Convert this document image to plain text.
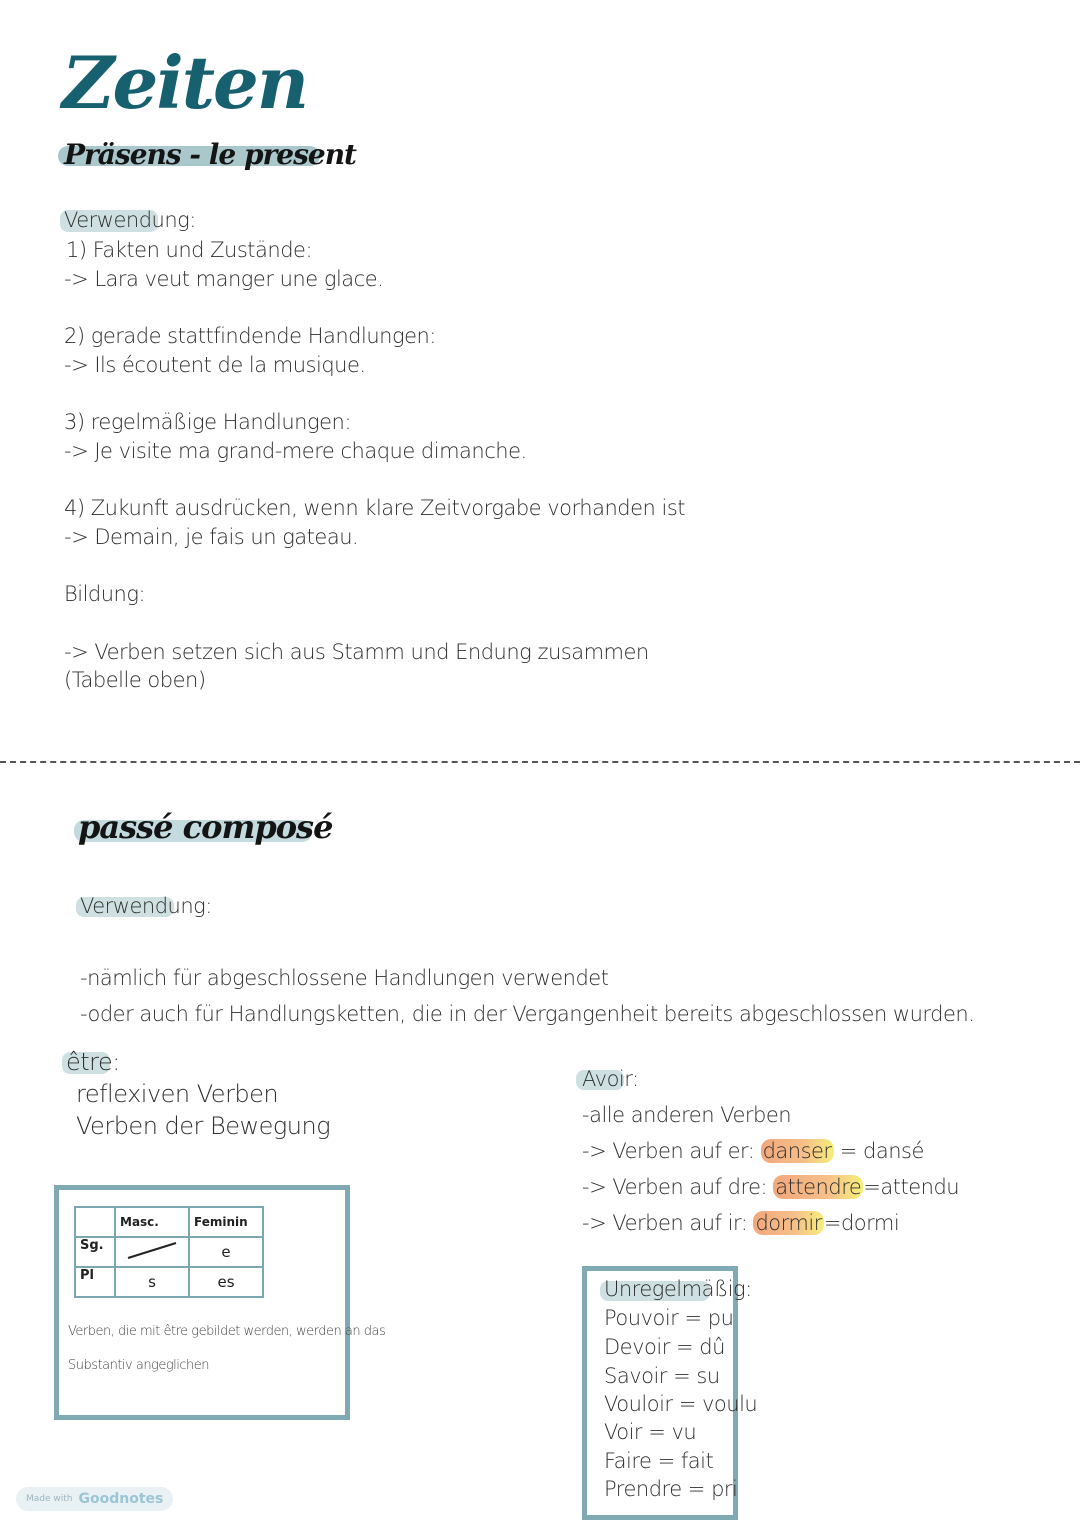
Zeiten
Präsens - le present
Verwendung:
1) Fakten und Zustände:
-> Lara veut manger une glace.
2) gerade stattfindende Handlungen:
-> Ils écoutent de la musique.
3) regelmäßige Handlungen:
-> Je visite ma grand-mere chaque dimanche.
4) Zukunft ausdrücken, wenn klare Zeitvorgabe vorhanden ist
-> Demain, je fais un gateau.
Bildung:
-> Verben setzen sich aus Stamm und Endung zusammen
(Tabelle oben)
passé composé
Verwendung:
-nämlich für abgeschlossene Handlungen verwendet
-oder auch für Handlungsketten, die in der Vergangenheit bereits abgeschlossen wurden.
être:
reflexiven Verben
Verben der Bewegung
	Masc.	Feminin
Sg.		e
Pl	s	es
Verben, die mit être gebildet werden, werden an das
Substantiv angeglichen
Avoir:
-alle anderen Verben
-> Verben auf er: danser = dansé
-> Verben auf dre: attendre=attendu
-> Verben auf ir: dormir=dormi
Unregelmäßig:
Pouvoir = pu
Devoir = dû
Savoir = su
Vouloir = voulu
Voir = vu
Faire = fait
Prendre = pri
Made with Goodnotes
